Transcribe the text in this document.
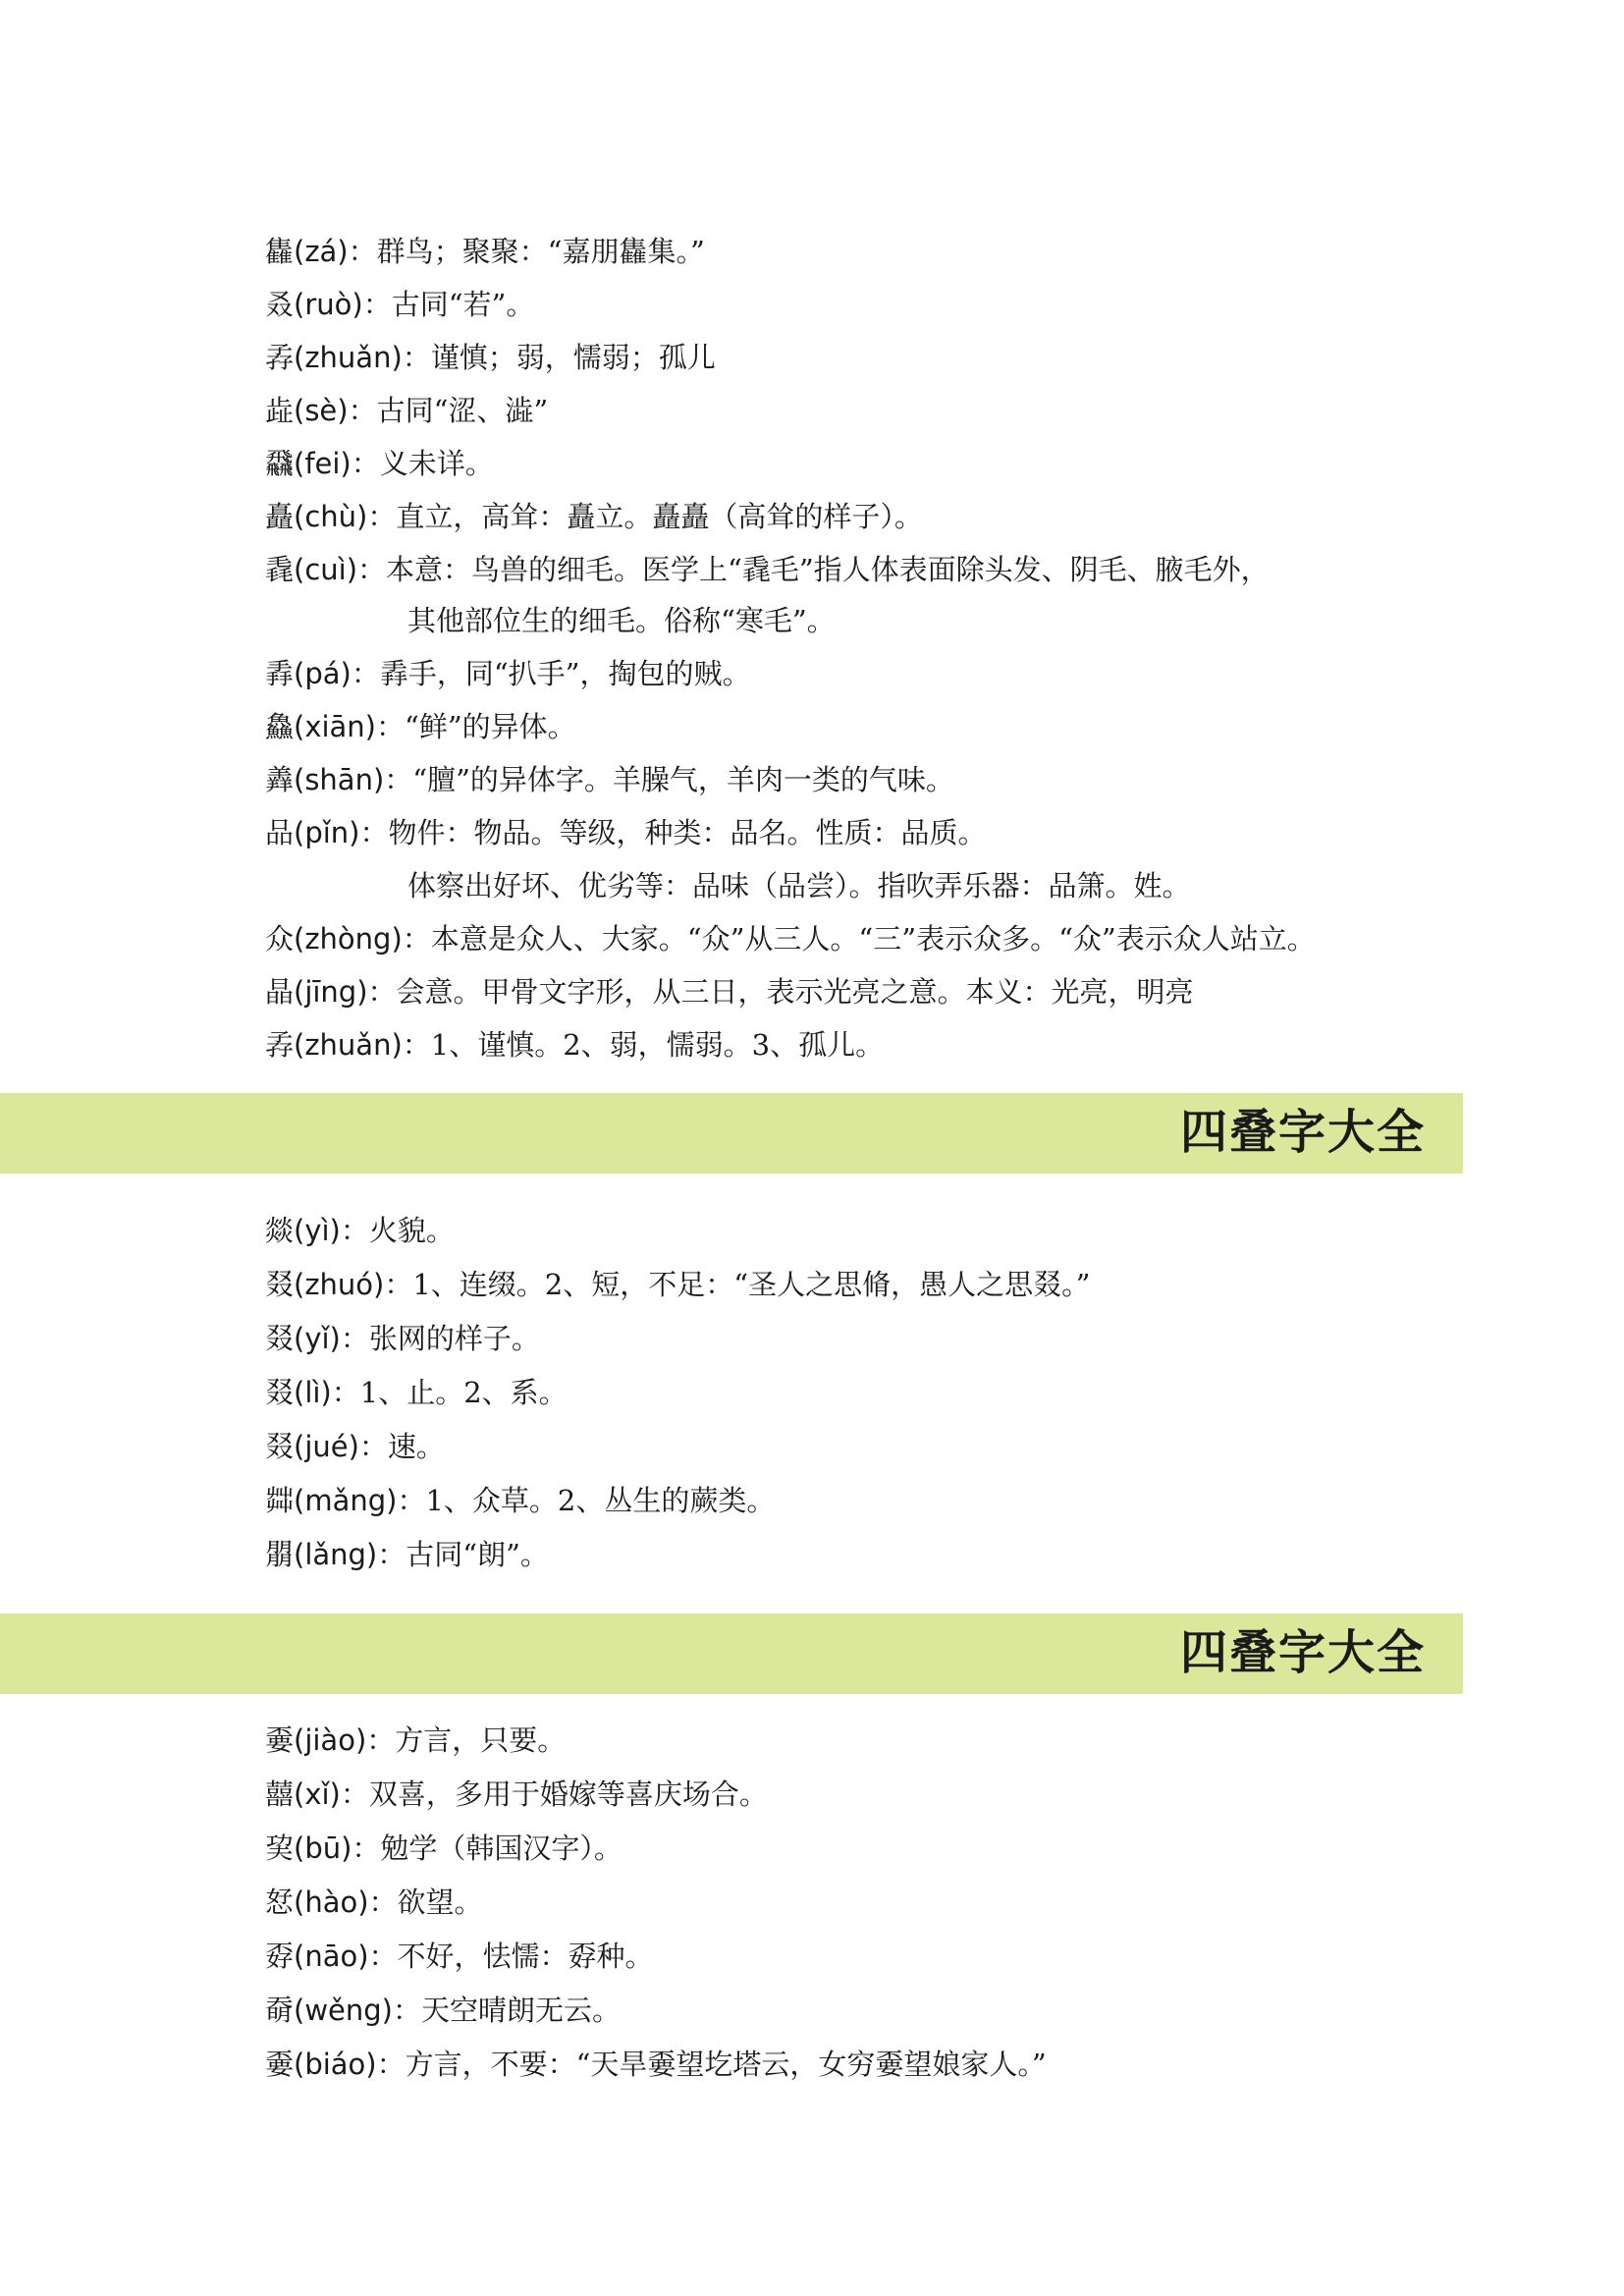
雥(zá)：群鸟；聚聚：“嘉朋雥集。”
叒(ruò)：古同“若”。
孨(zhuǎn)：谨慎；弱，懦弱；孤儿
歮(sè)：古同“涩、澁”
飝(fei)：义未详。
矗(chù)：直立，高耸：矗立。矗矗（高耸的样子）。
毳(cuì)：本意：鸟兽的细毛。医学上“毳毛”指人体表面除头发、阴毛、腋毛外，
其他部位生的细毛。俗称“寒毛”。
掱(pá)：掱手，同“扒手”，掏包的贼。
鱻(xiān)：“鲜”的异体。
羴(shān)：“膻”的异体字。羊臊气，羊肉一类的气味。
品(pǐn)：物件：物品。等级，种类：品名。性质：品质。
体察出好坏、优劣等：品味（品尝）。指吹弄乐器：品箫。姓。
众(zhòng)：本意是众人、大家。“众”从三人。“三”表示众多。“众”表示众人站立。
晶(jīng)：会意。甲骨文字形，从三日，表示光亮之意。本义：光亮，明亮
孨(zhuǎn)：1、谨慎。2、弱，懦弱。3、孤儿。
四叠字大全
燚(yì)：火貌。
叕(zhuó)：1、连缀。2、短，不足：“圣人之思脩，愚人之思叕。”
叕(yǐ)：张网的样子。
叕(lì)：1、止。2、系。
叕(jué)：速。
茻(mǎng)：1、众草。2、丛生的蕨类。
朤(lǎng)：古同“朗”。
四叠字大全
嫑(jiào)：方言，只要。
囍(xǐ)：双喜，多用于婚嫁等喜庆场合。
巭(bū)：勉学（韩国汉字）。
恏(hào)：欲望。
孬(nāo)：不好，怯懦：孬种。
奣(wěng)：天空晴朗无云。
嫑(biáo)：方言，不要：“天旱嫑望圪塔云，女穷嫑望娘家人。”
